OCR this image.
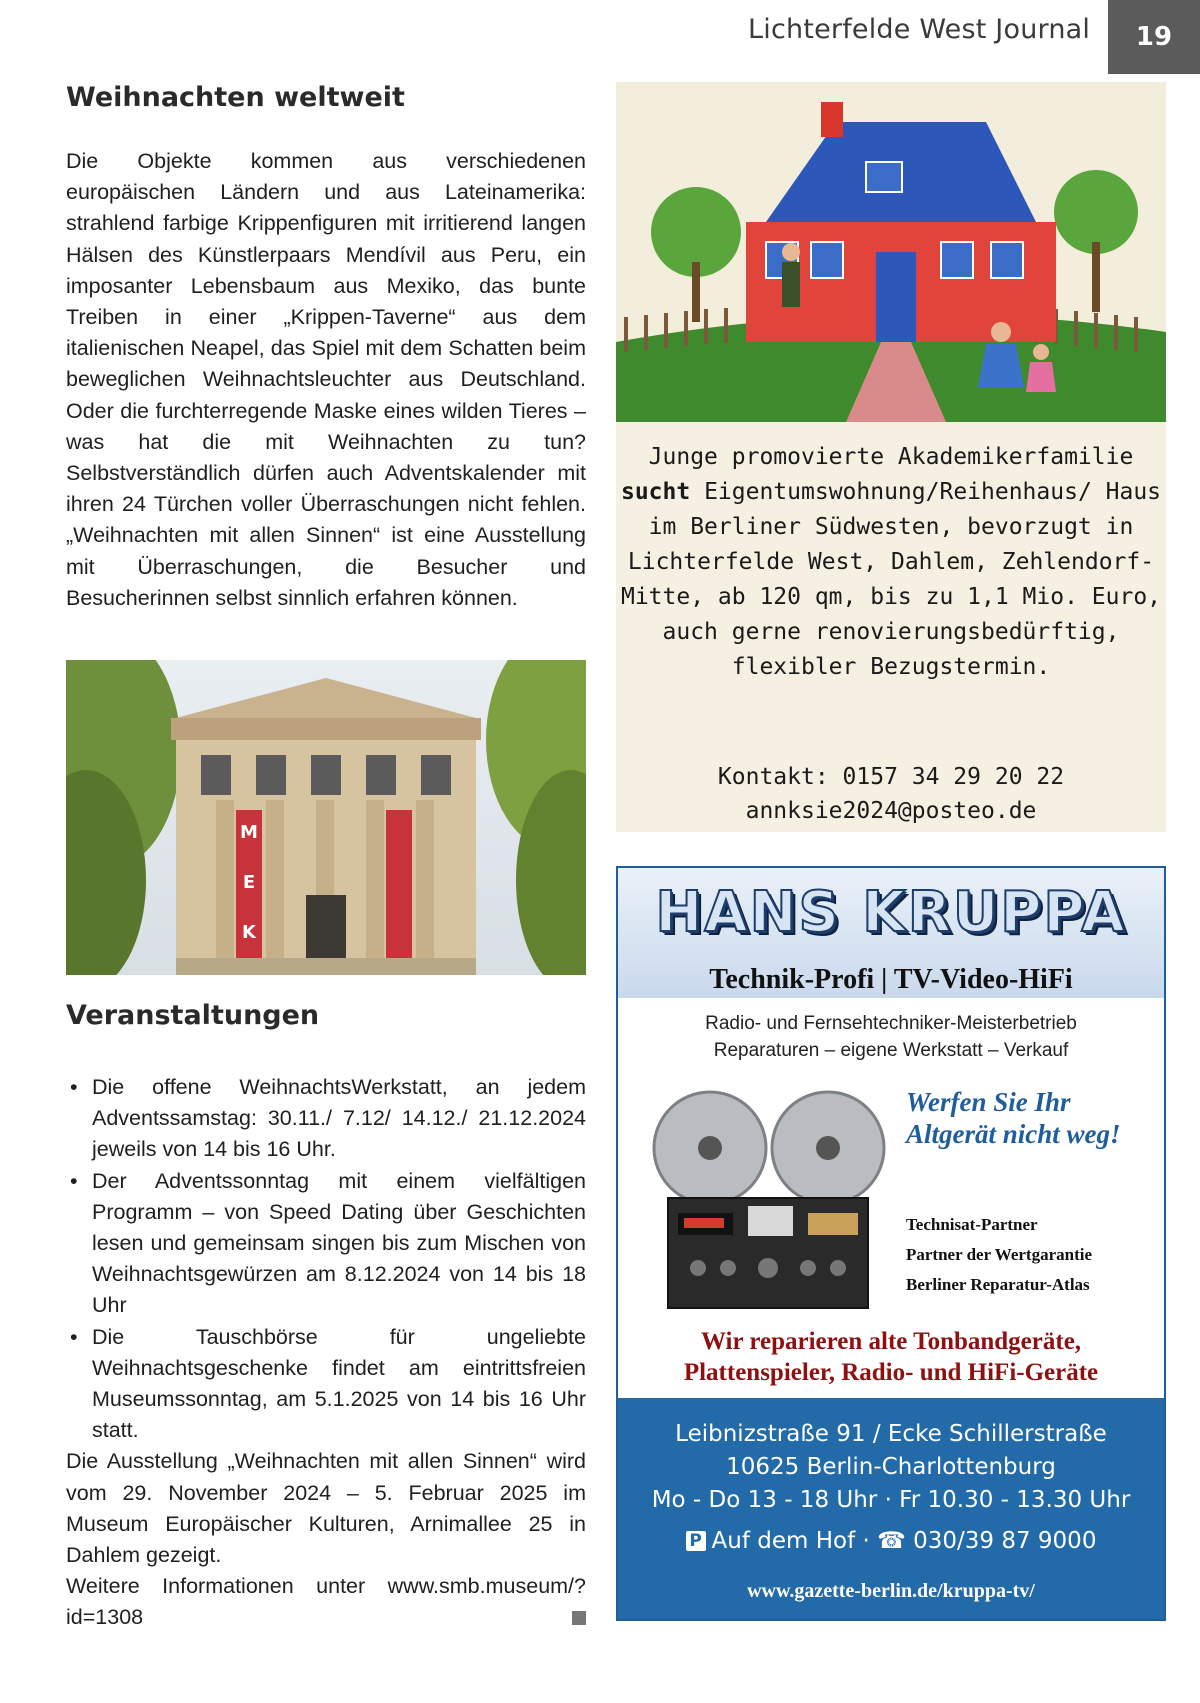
Lichterfelde West Journal	19
Weihnachten weltweit

Die Objekte kommen aus verschiedenen europäischen Ländern und aus Lateinamerika: strahlend farbige Krippenfiguren mit irritierend langen Hälsen des Künstlerpaars Mendívil aus Peru, ein imposanter Lebensbaum aus Mexiko, das bunte Treiben in einer „Krippen-Taverne“ aus dem italienischen Neapel, das Spiel mit dem Schatten beim beweglichen Weihnachtsleuchter aus Deutschland. Oder die furchterregende Maske eines wilden Tieres – was hat die mit Weihnachten zu tun? Selbstverständlich dürfen auch Adventskalender mit ihren 24 Türchen voller Überraschungen nicht fehlen. „Weihnachten mit allen Sinnen“ ist eine Ausstellung mit Überraschungen, die Besucher und Besucherinnen selbst sinnlich erfahren können.

M
E
K
Veranstaltungen
• Die offene WeihnachtsWerkstatt, an jedem Adventssamstag: 30.11./ 7.12/ 14.12./ 21.12.2024 jeweils von 14 bis 16 Uhr.
• Der Adventssonntag mit einem vielfältigen Programm – von Speed Dating über Geschichten lesen und gemeinsam singen bis zum Mischen von Weihnachtsgewürzen am 8.12.2024 von 14 bis 18 Uhr
• Die Tauschbörse für ungeliebte Weihnachtsgeschenke findet am eintrittsfreien Museumssonntag, am 5.1.2025 von 14 bis 16 Uhr statt.

Die Ausstellung „Weihnachten mit allen Sinnen“ wird vom 29. November 2024 – 5. Februar 2025 im Museum Europäischer Kulturen, Arnimallee 25 in Dahlem gezeigt.

Weitere Informationen unter www.smb.museum/?id=1308

Junge promovierte Akademikerfamilie sucht Eigentumswohnung/Reihenhaus/ Haus im Berliner Südwesten, bevorzugt in Lichterfelde West, Dahlem, Zehlendorf-Mitte, ab 120 qm, bis zu 1,1 Mio. Euro, auch gerne renovierungsbedürftig, flexibler Bezugstermin.
Kontakt: 0157 34 29 20 22
annksie2024@posteo.de
HANS KRUPPA
Technik-Profi | TV-Video-HiFi
Radio- und Fernsehtechniker-Meisterbetrieb
Reparaturen – eigene Werkstatt – Verkauf
Werfen Sie Ihr Altgerät nicht weg!
Technisat-Partner
Partner der Wertgarantie
Berliner Reparatur-Atlas
Wir reparieren alte Tonbandgeräte,
Plattenspieler, Radio- und HiFi-Geräte
Leibnizstraße 91 / Ecke Schillerstraße
10625 Berlin-Charlottenburg
Mo - Do 13 - 18 Uhr · Fr 10.30 - 13.30 Uhr
P Auf dem Hof · ☎ 030/39 87 9000
www.gazette-berlin.de/kruppa-tv/
